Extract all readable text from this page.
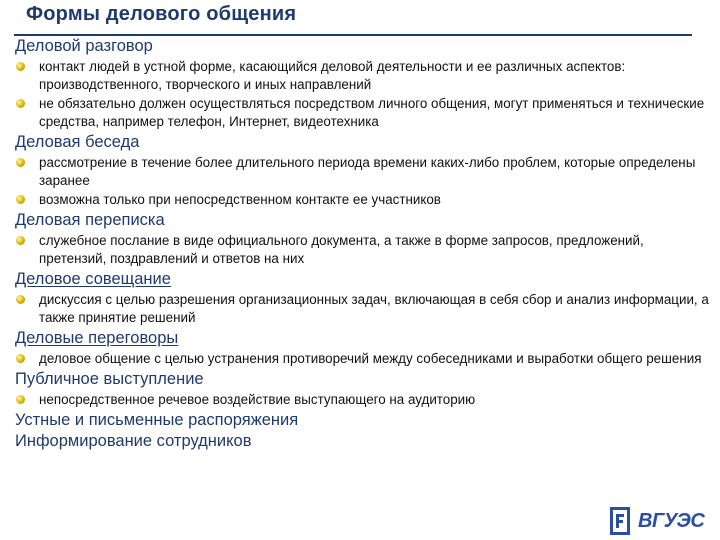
Формы делового общения
Деловой разговор
контакт людей в устной форме, касающийся деловой деятельности и ее различных аспектов: производственного, творческого и иных направлений
не обязательно должен осуществляться посредством личного общения, могут применяться и технические средства, например телефон, Интернет, видеотехника
Деловая беседа
рассмотрение в течение более длительного периода времени каких-либо проблем, которые определены заранее
возможна только при непосредственном контакте ее участников
Деловая переписка
служебное послание в виде официального документа, а также в форме запросов, предложений, претензий, поздравлений и ответов на них
Деловое совещание
дискуссия с целью разрешения организационных задач, включающая в себя сбор и анализ информации, а также принятие решений
Деловые переговоры
деловое общение с целью устранения противоречий между собеседниками и выработки общего решения
Публичное выступление
непосредственное речевое воздействие выступающего на аудиторию
Устные и письменные распоряжения
Информирование сотрудников
ВГУЭС
